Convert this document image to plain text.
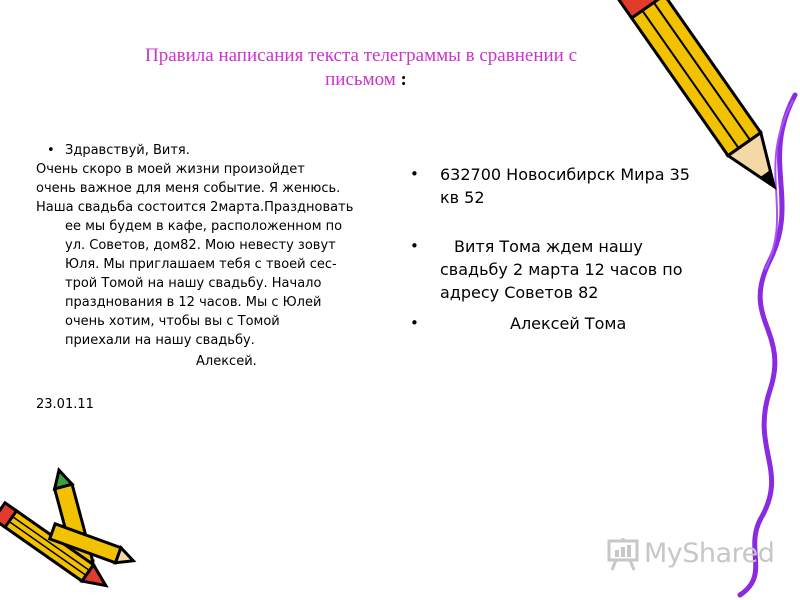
Правила написания текста телеграммы в сравнении с
письмом :
• Здравствуй, Витя.

Очень скоро в моей жизни произойдет

очень важное для меня событие. Я женюсь.

Наша свадьба состоится 2марта.Праздновать
ее мы будем в кафе, расположенном по
ул. Советов, дом82. Мою невесту зовут
Юля. Мы приглашаем тебя с твоей сес-
трой Томой на нашу свадьбу. Начало
празднования в 12 часов. Мы с Юлей
очень хотим, чтобы вы с Томой
приехали на нашу свадьбу.
Алексей.
23.01.11
• 632700 Новосибирск Мира 35 кв 52
• Витя Тома ждем нашу свадьбу 2 марта 12 часов по адресу Советов 82
•	Алексей Тома
MyShared
